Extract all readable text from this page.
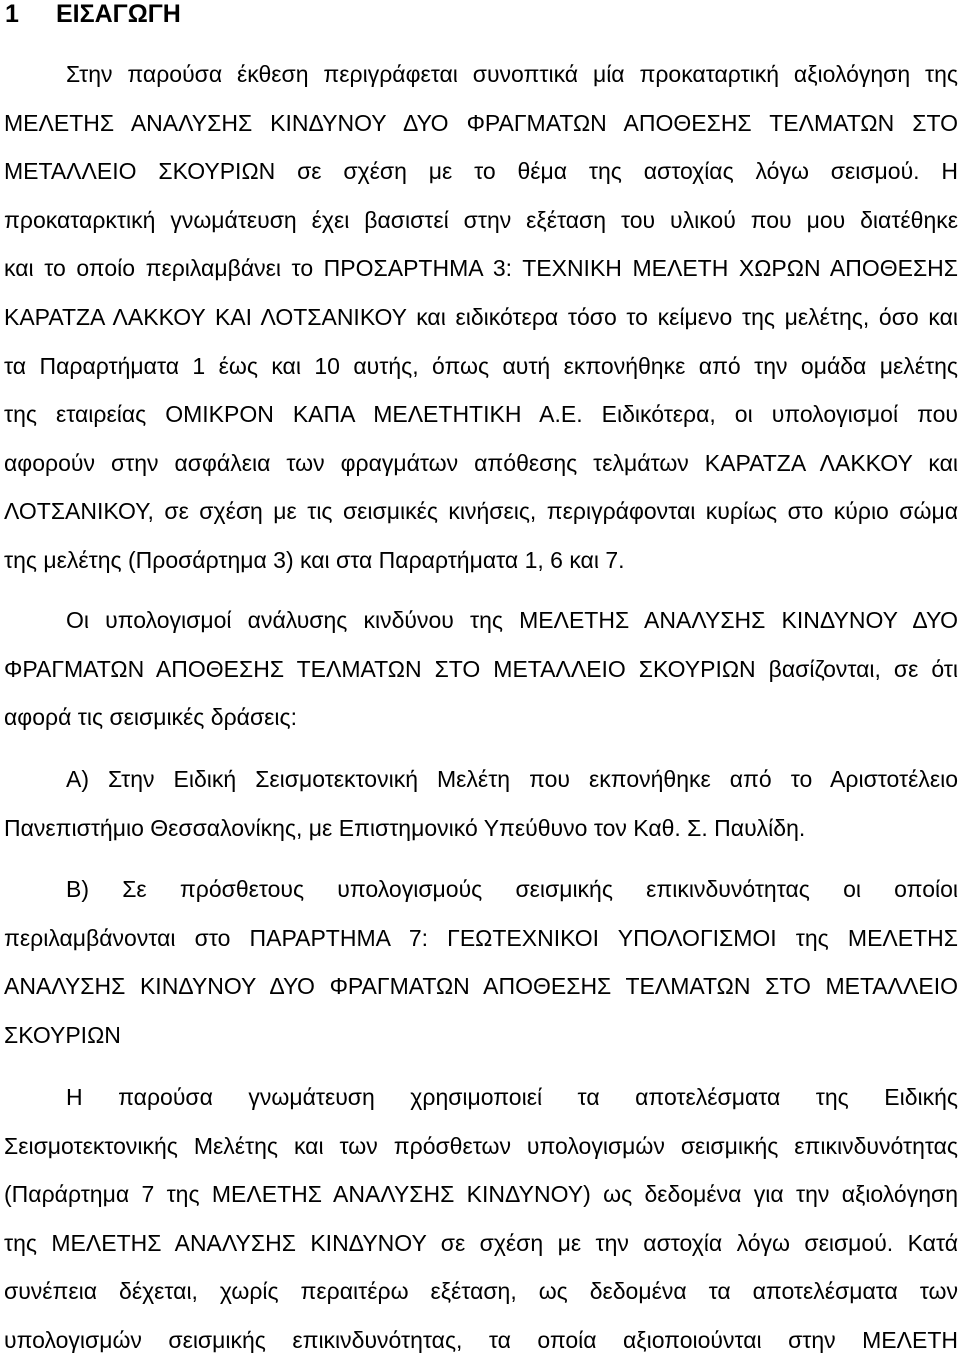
1 ΕΙΣΑΓΩΓΗ
Στην παρούσα έκθεση περιγράφεται συνοπτικά μία προκαταρτική αξιολόγηση της
ΜΕΛΕΤΗΣ ΑΝΑΛΥΣΗΣ ΚΙΝΔΥΝΟΥ ΔΥΟ ΦΡΑΓΜΑΤΩΝ ΑΠΟΘΕΣΗΣ ΤΕΛΜΑΤΩΝ ΣΤΟ
ΜΕΤΑΛΛΕΙΟ ΣΚΟΥΡΙΩΝ σε σχέση με το θέμα της αστοχίας λόγω σεισμού. Η
προκαταρκτική γνωμάτευση έχει βασιστεί στην εξέταση του υλικού που μου διατέθηκε
και το οποίο περιλαμβάνει το ΠΡΟΣΑΡΤΗΜΑ 3: ΤΕΧΝΙΚΗ ΜΕΛΕΤΗ ΧΩΡΩΝ ΑΠΟΘΕΣΗΣ
ΚΑΡΑΤΖΑ ΛΑΚΚΟΥ ΚΑΙ ΛΟΤΣΑΝΙΚΟΥ και ειδικότερα τόσο το κείμενο της μελέτης, όσο και
τα Παραρτήματα 1 έως και 10 αυτής, όπως αυτή εκπονήθηκε από την ομάδα μελέτης
της εταιρείας ΟΜΙΚΡΟΝ ΚΑΠΑ ΜΕΛΕΤΗΤΙΚΗ Α.Ε. Ειδικότερα, οι υπολογισμοί που
αφορούν στην ασφάλεια των φραγμάτων απόθεσης τελμάτων ΚΑΡΑΤΖΑ ΛΑΚΚΟΥ και
ΛΟΤΣΑΝΙΚΟΥ, σε σχέση με τις σεισμικές κινήσεις, περιγράφονται κυρίως στο κύριο σώμα
της μελέτης (Προσάρτημα 3) και στα Παραρτήματα 1, 6 και 7.
Οι υπολογισμοί ανάλυσης κινδύνου της ΜΕΛΕΤΗΣ ΑΝΑΛΥΣΗΣ ΚΙΝΔΥΝΟΥ ΔΥΟ
ΦΡΑΓΜΑΤΩΝ ΑΠΟΘΕΣΗΣ ΤΕΛΜΑΤΩΝ ΣΤΟ ΜΕΤΑΛΛΕΙΟ ΣΚΟΥΡΙΩΝ βασίζονται, σε ότι
αφορά τις σεισμικές δράσεις:
Α) Στην Ειδική Σεισμοτεκτονική Μελέτη που εκπονήθηκε από το Αριστοτέλειο
Πανεπιστήμιο Θεσσαλονίκης, με Επιστημονικό Υπεύθυνο τον Καθ. Σ. Παυλίδη.
Β) Σε πρόσθετους υπολογισμούς σεισμικής επικινδυνότητας οι οποίοι
περιλαμβάνονται στο ΠΑΡΑΡΤΗΜΑ 7: ΓΕΩΤΕΧΝΙΚΟΙ ΥΠΟΛΟΓΙΣΜΟΙ της ΜΕΛΕΤΗΣ
ΑΝΑΛΥΣΗΣ ΚΙΝΔΥΝΟΥ ΔΥΟ ΦΡΑΓΜΑΤΩΝ ΑΠΟΘΕΣΗΣ ΤΕΛΜΑΤΩΝ ΣΤΟ ΜΕΤΑΛΛΕΙΟ
ΣΚΟΥΡΙΩΝ
Η παρούσα γνωμάτευση χρησιμοποιεί τα αποτελέσματα της Ειδικής
Σεισμοτεκτονικής Μελέτης και των πρόσθετων υπολογισμών σεισμικής επικινδυνότητας
(Παράρτημα 7 της ΜΕΛΕΤΗΣ ΑΝΑΛΥΣΗΣ ΚΙΝΔΥΝΟΥ) ως δεδομένα για την αξιολόγηση
της ΜΕΛΕΤΗΣ ΑΝΑΛΥΣΗΣ ΚΙΝΔΥΝΟΥ σε σχέση με την αστοχία λόγω σεισμού. Κατά
συνέπεια δέχεται, χωρίς περαιτέρω εξέταση, ως δεδομένα τα αποτελέσματα των
υπολογισμών σεισμικής επικινδυνότητας, τα οποία αξιοποιούνται στην ΜΕΛΕΤΗ
